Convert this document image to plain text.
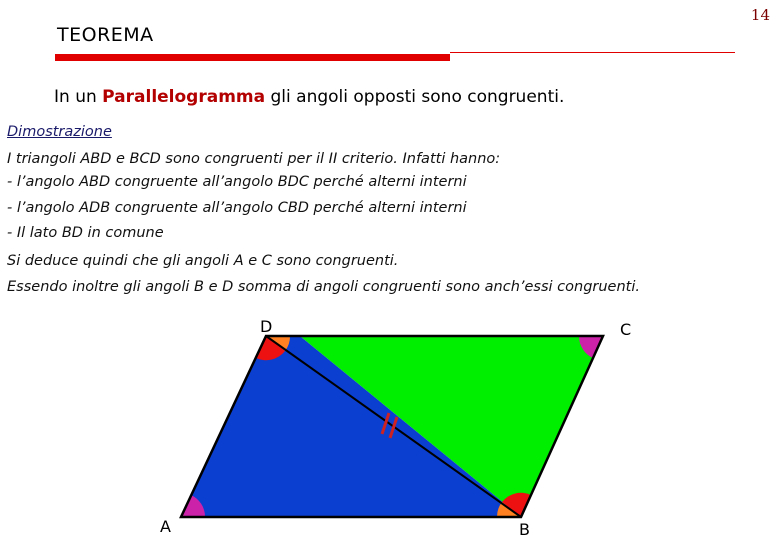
14
TEOREMA
In un Parallelogramma gli angoli opposti sono congruenti.
Dimostrazione
I triangoli ABD e BCD sono congruenti per il II criterio. Infatti hanno:
- l’angolo ABD congruente all’angolo BDC perché alterni interni
- l’angolo ADB congruente all’angolo CBD perché alterni interni
- Il lato BD in comune
Si deduce quindi che gli angoli A e C sono congruenti.
Essendo inoltre gli angoli B e D somma di angoli congruenti sono anch’essi congruenti.
A	B
C
D
